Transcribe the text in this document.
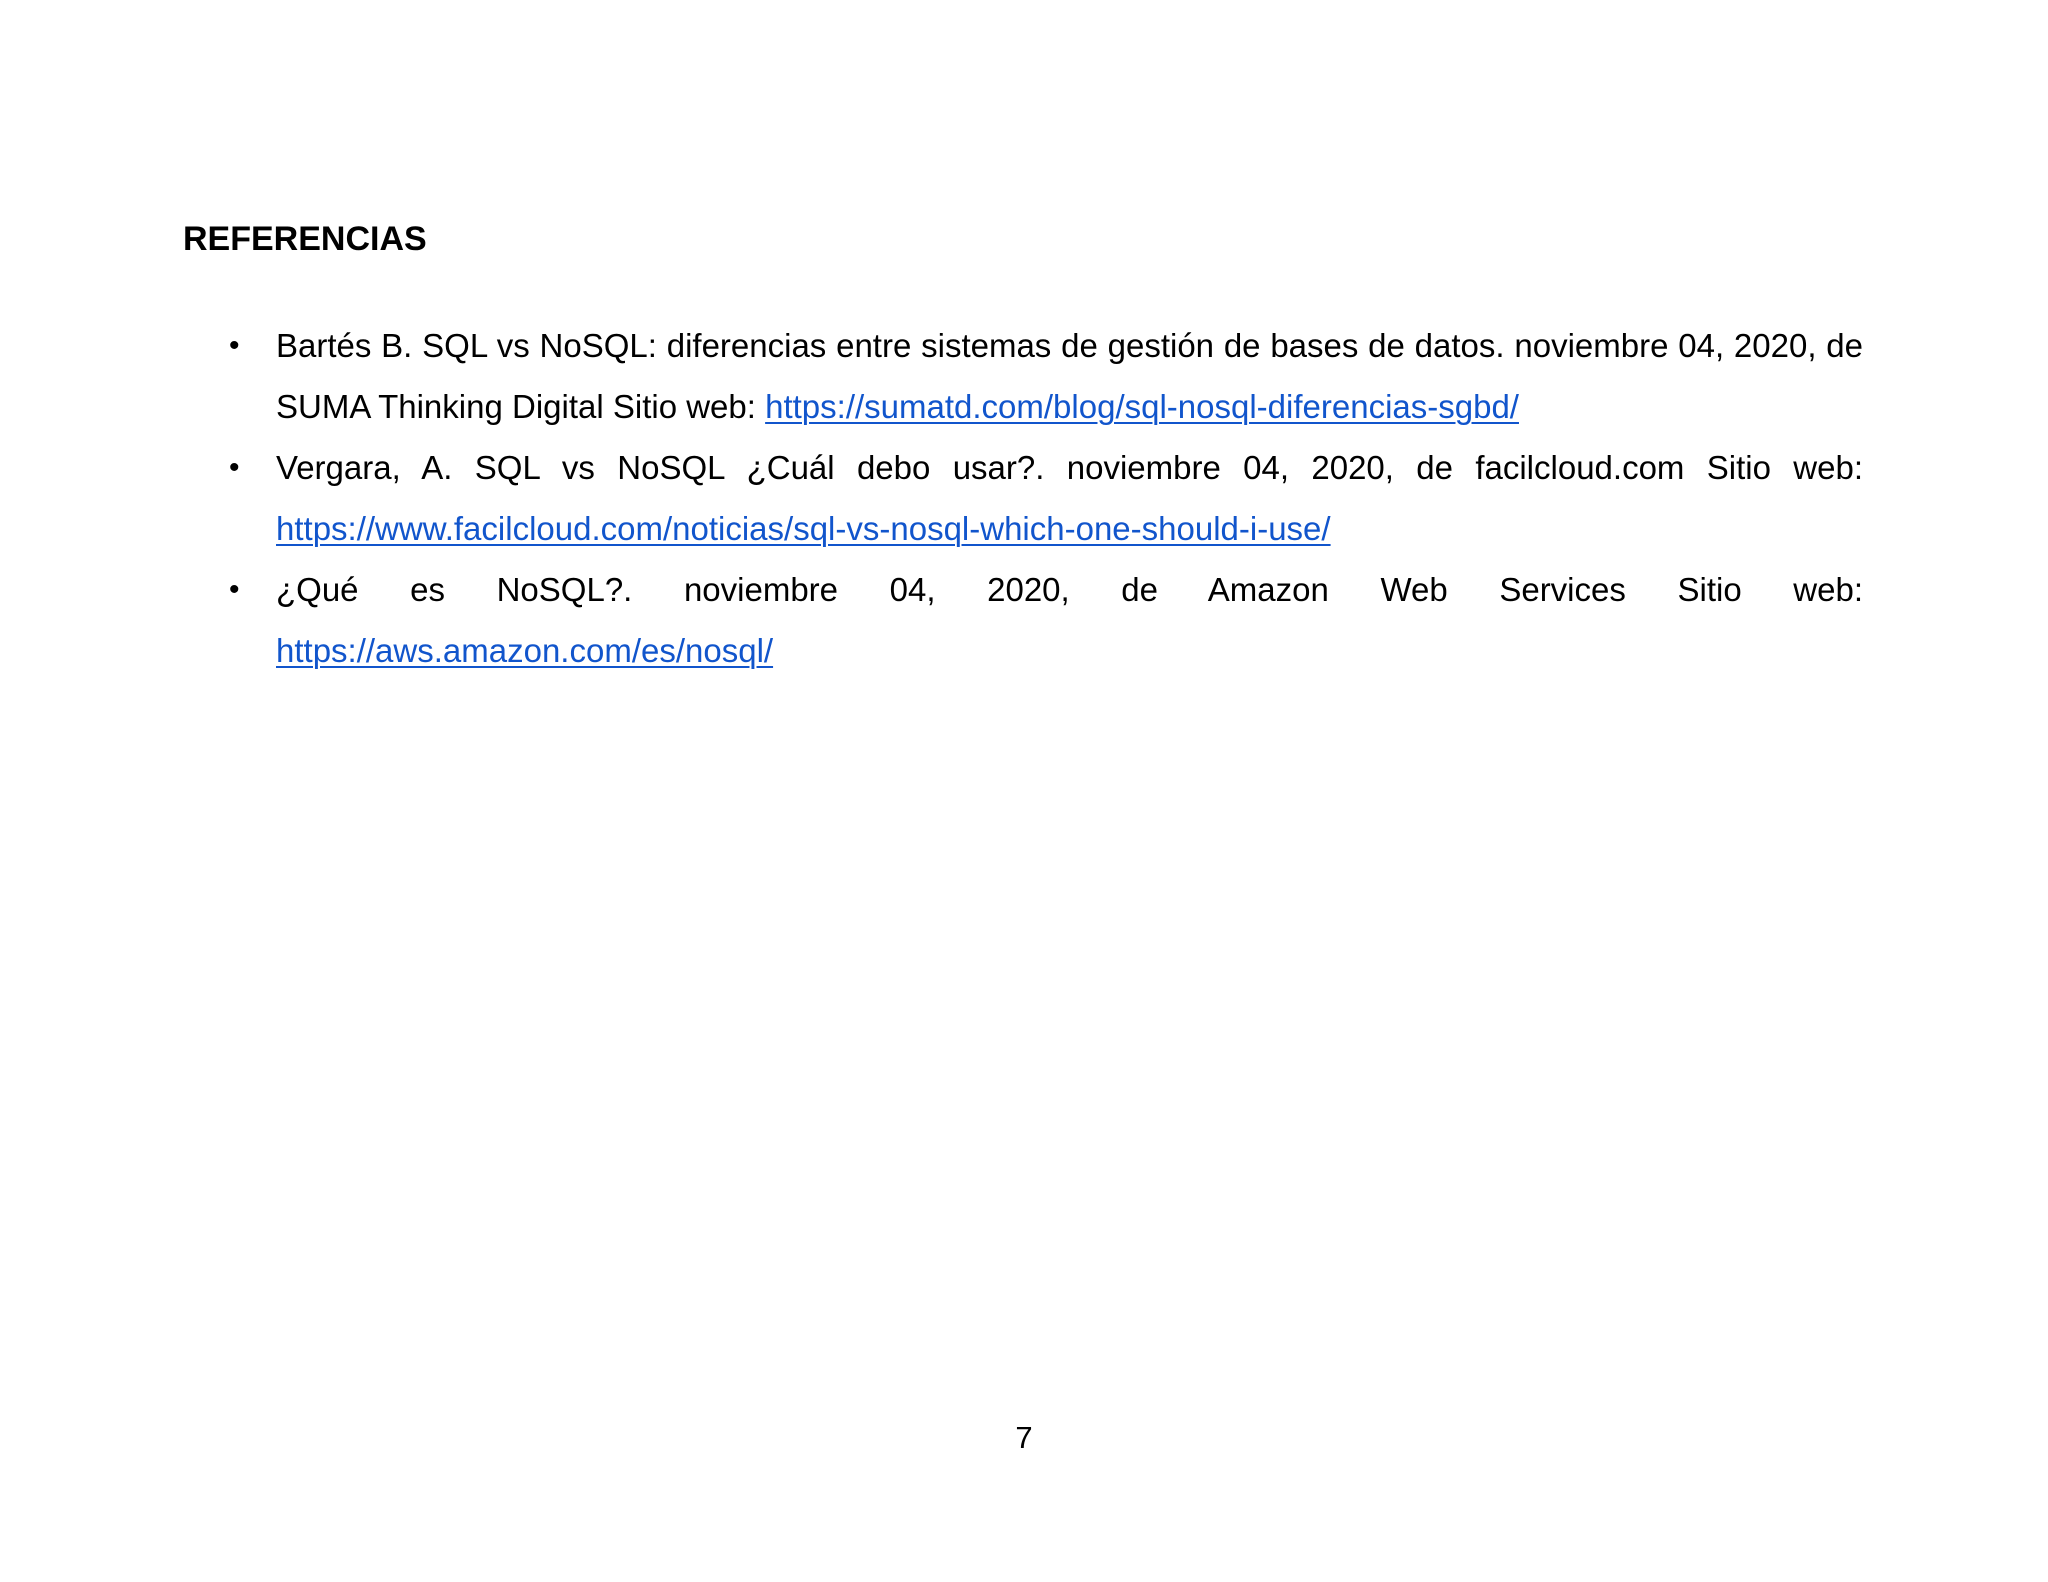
REFERENCIAS
• Bartés B. SQL vs NoSQL: diferencias entre sistemas de gestión de bases de datos. noviembre 04, 2020, de SUMA Thinking Digital Sitio web: https://sumatd.com/blog/sql-nosql-diferencias-sgbd/
• Vergara, A. SQL vs NoSQL ¿Cuál debo usar?. noviembre 04, 2020, de facilcloud.com Sitio web: https://www.facilcloud.com/noticias/sql-vs-nosql-which-one-should-i-use/
• ¿Qué es NoSQL?. noviembre 04, 2020, de Amazon Web Services Sitio web: https://aws.amazon.com/es/nosql/
7
